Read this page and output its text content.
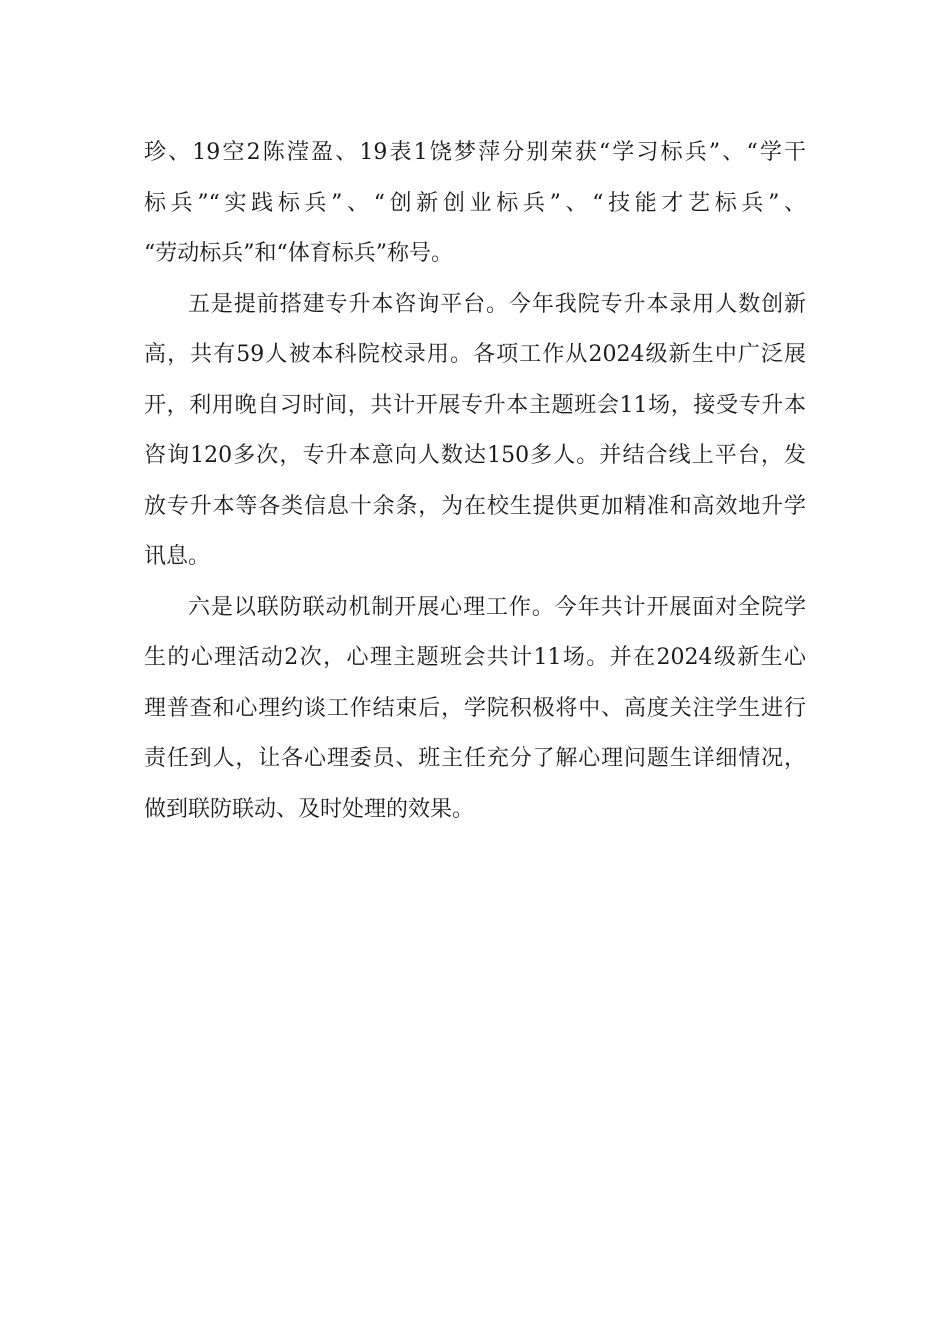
珍、19空2陈滢盈、19表1饶梦萍分别荣获“学习标兵”、“学干
标兵”“实践标兵”、“创新创业标兵”、“技能才艺标兵”、
“劳动标兵”和“体育标兵”称号。
五是提前搭建专升本咨询平台。今年我院专升本录用人数创新
高，共有59人被本科院校录用。各项工作从2024级新生中广泛展
开，利用晚自习时间，共计开展专升本主题班会11场，接受专升本
咨询120多次，专升本意向人数达150多人。并结合线上平台，发
放专升本等各类信息十余条，为在校生提供更加精准和高效地升学
讯息。
六是以联防联动机制开展心理工作。今年共计开展面对全院学
生的心理活动2次，心理主题班会共计11场。并在2024级新生心
理普查和心理约谈工作结束后，学院积极将中、高度关注学生进行
责任到人，让各心理委员、班主任充分了解心理问题生详细情况，
做到联防联动、及时处理的效果。
